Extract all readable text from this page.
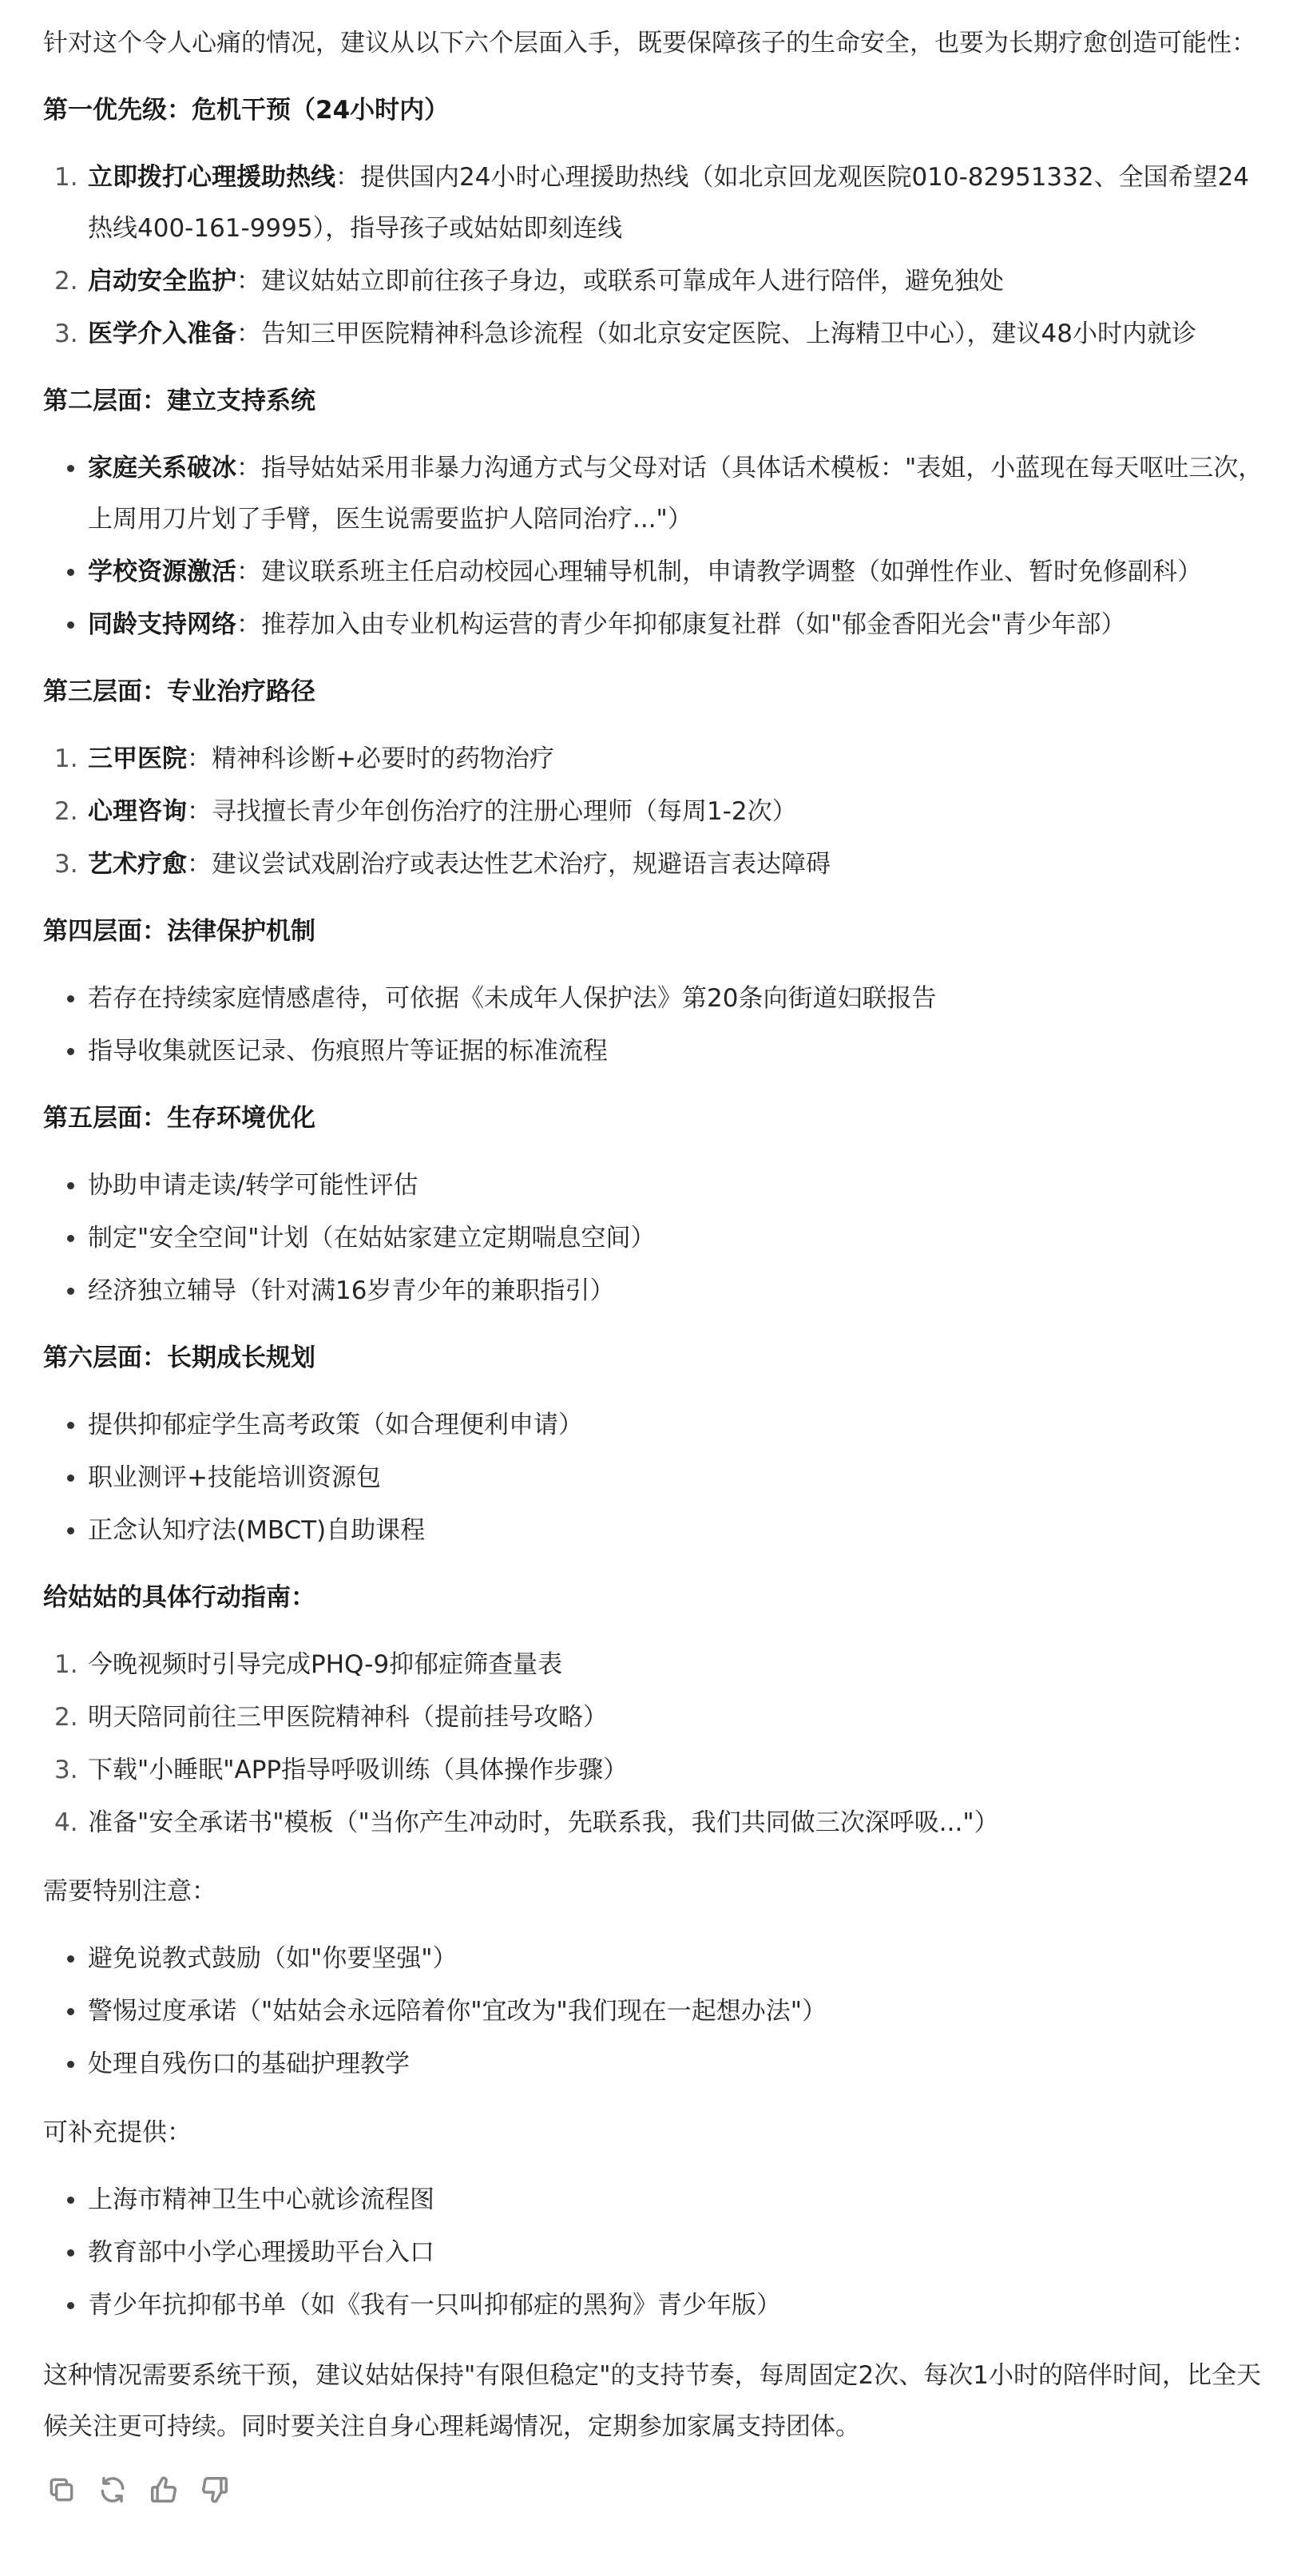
针对这个令人心痛的情况，建议从以下六个层面入手，既要保障孩子的生命安全，也要为长期疗愈创造可能性：

第一优先级：危机干预（24小时内）

1. 立即拨打心理援助热线：提供国内24小时心理援助热线（如北京回龙观医院010-82951332、全国希望24热线400-161-9995），指导孩子或姑姑即刻连线
2. 启动安全监护：建议姑姑立即前往孩子身边，或联系可靠成年人进行陪伴，避免独处
3. 医学介入准备：告知三甲医院精神科急诊流程（如北京安定医院、上海精卫中心），建议48小时内就诊

第二层面：建立支持系统

家庭关系破冰：指导姑姑采用非暴力沟通方式与父母对话（具体话术模板："表姐，小蓝现在每天呕吐三次，上周用刀片划了手臂，医生说需要监护人陪同治疗..."）
学校资源激活：建议联系班主任启动校园心理辅导机制，申请教学调整（如弹性作业、暂时免修副科）
同龄支持网络：推荐加入由专业机构运营的青少年抑郁康复社群（如"郁金香阳光会"青少年部）

第三层面：专业治疗路径

1. 三甲医院：精神科诊断+必要时的药物治疗
2. 心理咨询：寻找擅长青少年创伤治疗的注册心理师（每周1-2次）
3. 艺术疗愈：建议尝试戏剧治疗或表达性艺术治疗，规避语言表达障碍

第四层面：法律保护机制

若存在持续家庭情感虐待，可依据《未成年人保护法》第20条向街道妇联报告
指导收集就医记录、伤痕照片等证据的标准流程

第五层面：生存环境优化

协助申请走读/转学可能性评估
制定"安全空间"计划（在姑姑家建立定期喘息空间）
经济独立辅导（针对满16岁青少年的兼职指引）

第六层面：长期成长规划

提供抑郁症学生高考政策（如合理便利申请）
职业测评+技能培训资源包
正念认知疗法(MBCT)自助课程

给姑姑的具体行动指南：

1. 今晚视频时引导完成PHQ-9抑郁症筛查量表
2. 明天陪同前往三甲医院精神科（提前挂号攻略）
3. 下载"小睡眠"APP指导呼吸训练（具体操作步骤）
4. 准备"安全承诺书"模板（"当你产生冲动时，先联系我，我们共同做三次深呼吸..."）

需要特别注意：

避免说教式鼓励（如"你要坚强"）
警惕过度承诺（"姑姑会永远陪着你"宜改为"我们现在一起想办法"）
处理自残伤口的基础护理教学

可补充提供：

上海市精神卫生中心就诊流程图
教育部中小学心理援助平台入口
青少年抗抑郁书单（如《我有一只叫抑郁症的黑狗》青少年版）

这种情况需要系统干预，建议姑姑保持"有限但稳定"的支持节奏，每周固定2次、每次1小时的陪伴时间，比全天候关注更可持续。同时要关注自身心理耗竭情况，定期参加家属支持团体。
